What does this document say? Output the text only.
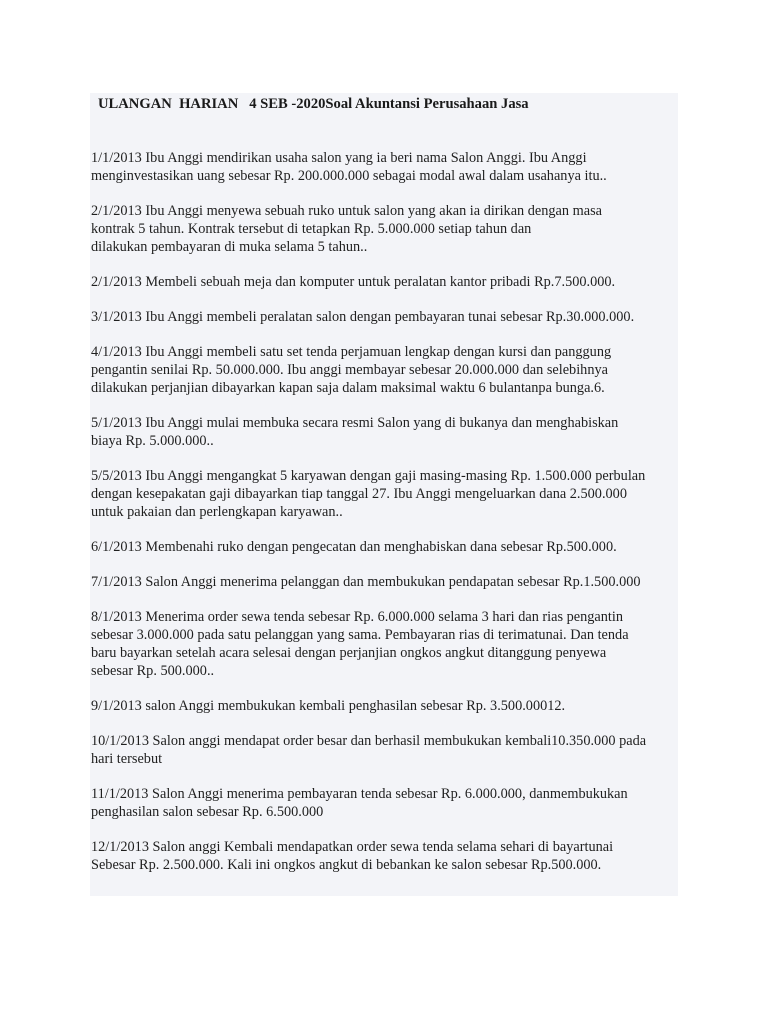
ULANGAN  HARIAN   4 SEB -2020Soal Akuntansi Perusahaan Jasa

1/1/2013 Ibu Anggi mendirikan usaha salon yang ia beri nama Salon Anggi. Ibu Anggi
menginvestasikan uang sebesar Rp. 200.000.000 sebagai modal awal dalam usahanya itu..

2/1/2013 Ibu Anggi menyewa sebuah ruko untuk salon yang akan ia dirikan dengan masa
kontrak 5 tahun. Kontrak tersebut di tetapkan Rp. 5.000.000 setiap tahun dan
dilakukan pembayaran di muka selama 5 tahun..

2/1/2013 Membeli sebuah meja dan komputer untuk peralatan kantor pribadi Rp.7.500.000.

3/1/2013 Ibu Anggi membeli peralatan salon dengan pembayaran tunai sebesar Rp.30.000.000.

4/1/2013 Ibu Anggi membeli satu set tenda perjamuan lengkap dengan kursi dan panggung
pengantin senilai Rp. 50.000.000. Ibu anggi membayar sebesar 20.000.000 dan selebihnya
dilakukan perjanjian dibayarkan kapan saja dalam maksimal waktu 6 bulantanpa bunga.6.

5/1/2013 Ibu Anggi mulai membuka secara resmi Salon yang di bukanya dan menghabiskan
biaya Rp. 5.000.000..

5/5/2013 Ibu Anggi mengangkat 5 karyawan dengan gaji masing-masing Rp. 1.500.000 perbulan
dengan kesepakatan gaji dibayarkan tiap tanggal 27. Ibu Anggi mengeluarkan dana 2.500.000
untuk pakaian dan perlengkapan karyawan..

6/1/2013 Membenahi ruko dengan pengecatan dan menghabiskan dana sebesar Rp.500.000.

7/1/2013 Salon Anggi menerima pelanggan dan membukukan pendapatan sebesar Rp.1.500.000

8/1/2013 Menerima order sewa tenda sebesar Rp. 6.000.000 selama 3 hari dan rias pengantin
sebesar 3.000.000 pada satu pelanggan yang sama. Pembayaran rias di terimatunai. Dan tenda
baru bayarkan setelah acara selesai dengan perjanjian ongkos angkut ditanggung penyewa
sebesar Rp. 500.000..

9/1/2013 salon Anggi membukukan kembali penghasilan sebesar Rp. 3.500.00012.

10/1/2013 Salon anggi mendapat order besar dan berhasil membukukan kembali10.350.000 pada
hari tersebut

11/1/2013 Salon Anggi menerima pembayaran tenda sebesar Rp. 6.000.000, danmembukukan
penghasilan salon sebesar Rp. 6.500.000

12/1/2013 Salon anggi Kembali mendapatkan order sewa tenda selama sehari di bayartunai
Sebesar Rp. 2.500.000. Kali ini ongkos angkut di bebankan ke salon sebesar Rp.500.000.
